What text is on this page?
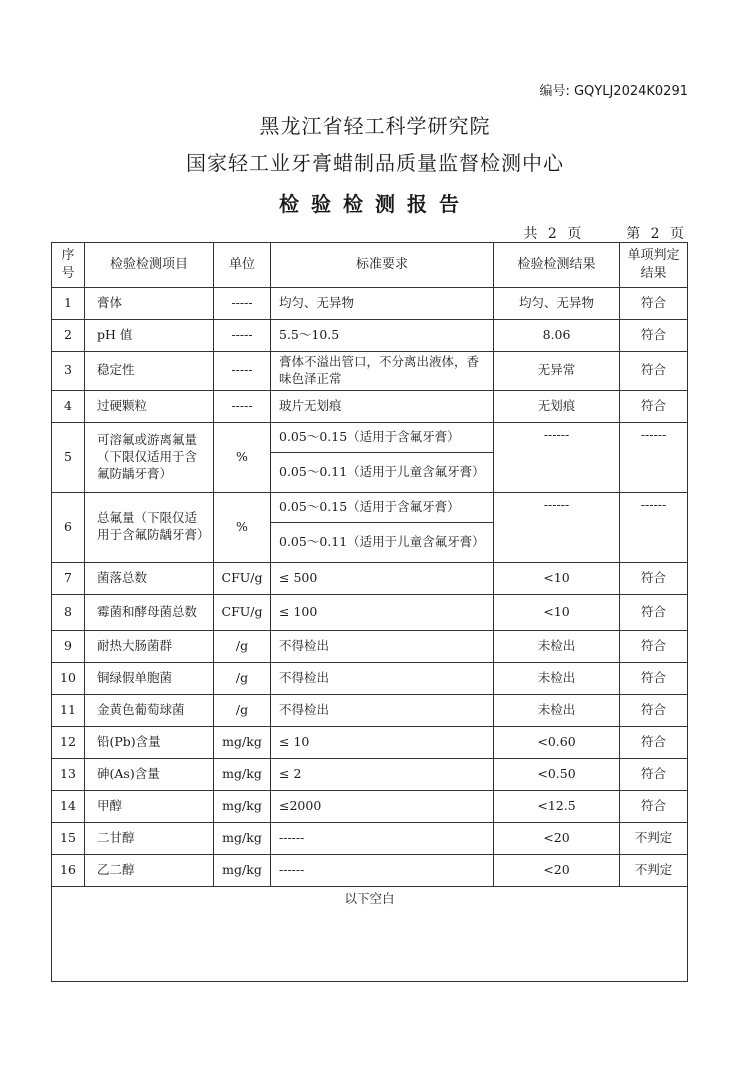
编号: GQYLJ2024K0291
黑龙江省轻工科学研究院
国家轻工业牙膏蜡制品质量监督检测中心
检验检测报告
共 2 页	第 2 页
序号	检验检测项目	单位	标准要求	检验检测结果	单项判定结果
1	膏体	-----	均匀、无异物	均匀、无异物	符合
2	pH 值	-----	5.5～10.5	8.06	符合
3	稳定性	-----	膏体不溢出管口，不分离出液体，香味色泽正常	无异常	符合
4	过硬颗粒	-----	玻片无划痕	无划痕	符合
5	可溶氟或游离氟量（下限仅适用于含氟防龋牙膏）	%	0.05～0.15（适用于含氟牙膏）	------	------
			0.05～0.11（适用于儿童含氟牙膏）		
6	总氟量（下限仅适用于含氟防龋牙膏）	%	0.05～0.15（适用于含氟牙膏）	------	------
			0.05～0.11（适用于儿童含氟牙膏）		
7	菌落总数	CFU/g	≤ 500	<10	符合
8	霉菌和酵母菌总数	CFU/g	≤ 100	<10	符合
9	耐热大肠菌群	/g	不得检出	未检出	符合
10	铜绿假单胞菌	/g	不得检出	未检出	符合
11	金黄色葡萄球菌	/g	不得检出	未检出	符合
12	铅(Pb)含量	mg/kg	≤ 10	<0.60	符合
13	砷(As)含量	mg/kg	≤ 2	<0.50	符合
14	甲醇	mg/kg	≤2000	<12.5	符合
15	二甘醇	mg/kg	------	<20	不判定
16	乙二醇	mg/kg	------	<20	不判定
以下空白					
